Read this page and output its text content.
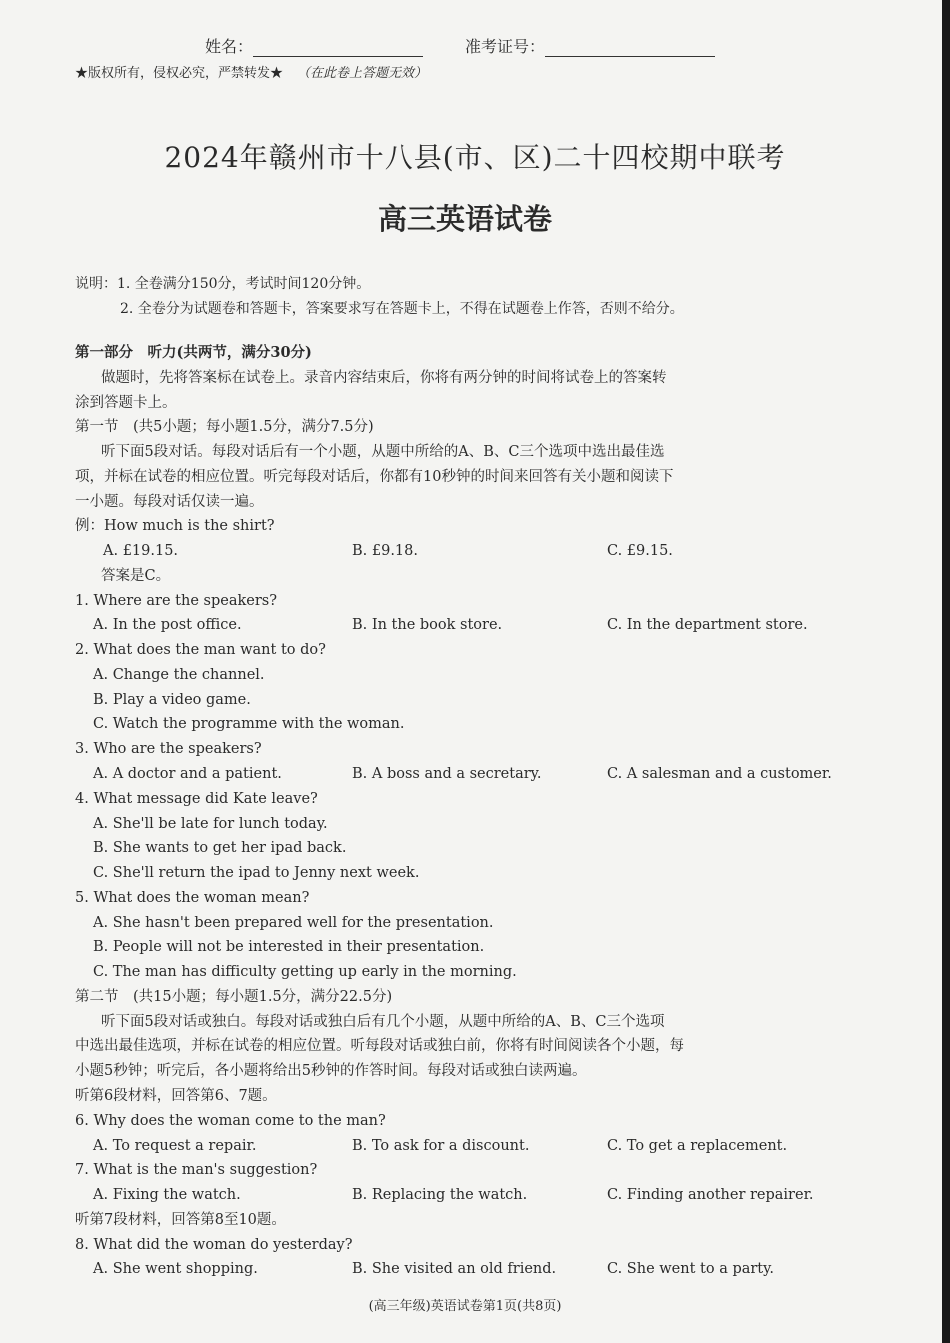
姓名：	准考证号：
★版权所有，侵权必究，严禁转发★ （在此卷上答题无效）
2024年赣州市十八县(市、区)二十四校期中联考
高三英语试卷
说明：1. 全卷满分150分，考试时间120分钟。
2. 全卷分为试题卷和答题卡，答案要求写在答题卡上，不得在试题卷上作答，否则不给分。
第一部分　听力(共两节，满分30分)
做题时，先将答案标在试卷上。录音内容结束后，你将有两分钟的时间将试卷上的答案转
涂到答题卡上。
第一节　(共5小题；每小题1.5分，满分7.5分)
听下面5段对话。每段对话后有一个小题，从题中所给的A、B、C三个选项中选出最佳选
项，并标在试卷的相应位置。听完每段对话后，你都有10秒钟的时间来回答有关小题和阅读下
一小题。每段对话仅读一遍。
例：How much is the shirt?
A. £19.15.	B. £9.18.	C. £9.15.
答案是C。
1. Where are the speakers?
A. In the post office.	B. In the book store.	C. In the department store.
2. What does the man want to do?
A. Change the channel.
B. Play a video game.
C. Watch the programme with the woman.
3. Who are the speakers?
A. A doctor and a patient.	B. A boss and a secretary.	C. A salesman and a customer.
4. What message did Kate leave?
A. She'll be late for lunch today.
B. She wants to get her ipad back.
C. She'll return the ipad to Jenny next week.
5. What does the woman mean?
A. She hasn't been prepared well for the presentation.
B. People will not be interested in their presentation.
C. The man has difficulty getting up early in the morning.
第二节　(共15小题；每小题1.5分，满分22.5分)
听下面5段对话或独白。每段对话或独白后有几个小题，从题中所给的A、B、C三个选项
中选出最佳选项，并标在试卷的相应位置。听每段对话或独白前，你将有时间阅读各个小题，每
小题5秒钟；听完后，各小题将给出5秒钟的作答时间。每段对话或独白读两遍。
听第6段材料，回答第6、7题。
6. Why does the woman come to the man?
A. To request a repair.	B. To ask for a discount.	C. To get a replacement.
7. What is the man's suggestion?
A. Fixing the watch.	B. Replacing the watch.	C. Finding another repairer.
听第7段材料，回答第8至10题。
8. What did the woman do yesterday?
A. She went shopping.	B. She visited an old friend.	C. She went to a party.
(高三年级)英语试卷第1页(共8页)
